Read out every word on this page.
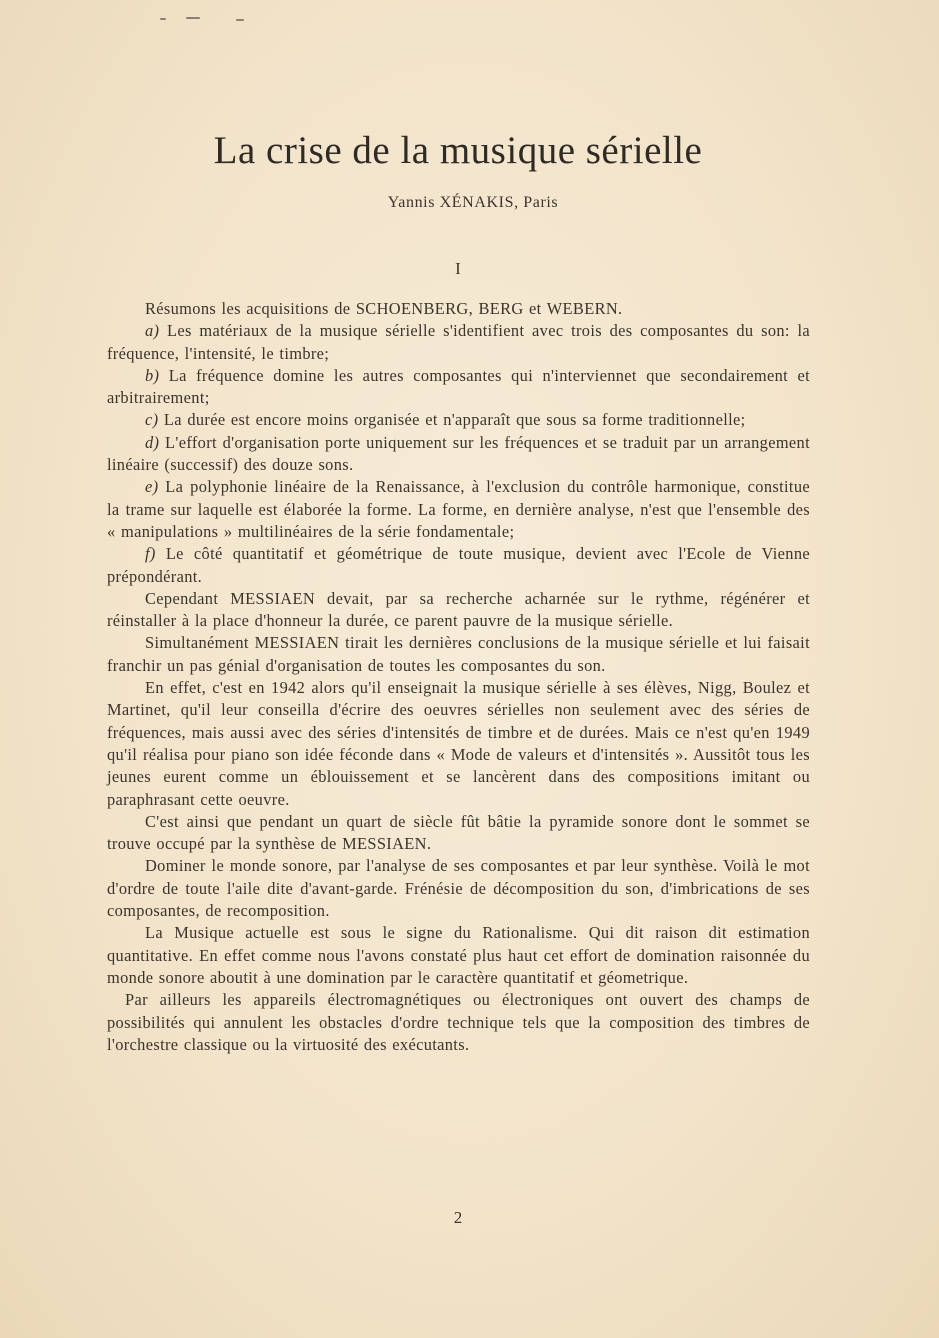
La crise de la musique sérielle
Yannis XÉNAKIS, Paris
I

Résumons les acquisitions de SCHOENBERG, BERG et WEBERN.

a) Les matériaux de la musique sérielle s'identifient avec trois des composantes du son: la fréquence, l'intensité, le timbre;

b) La fréquence domine les autres composantes qui n'interviennet que secondairement et arbitrairement;

c) La durée est encore moins organisée et n'apparaît que sous sa forme traditionnelle;

d) L'effort d'organisation porte uniquement sur les fréquences et se traduit par un arrangement linéaire (successif) des douze sons.

e) La polyphonie linéaire de la Renaissance, à l'exclusion du contrôle harmonique, constitue la trame sur laquelle est élaborée la forme. La forme, en dernière analyse, n'est que l'ensemble des « manipulations » multilinéaires de la série fondamentale;

f) Le côté quantitatif et géométrique de toute musique, devient avec l'Ecole de Vienne prépondérant.

Cependant MESSIAEN devait, par sa recherche acharnée sur le rythme, régénérer et réinstaller à la place d'honneur la durée, ce parent pauvre de la musique sérielle.

Simultanément MESSIAEN tirait les dernières conclusions de la musique sérielle et lui faisait franchir un pas génial d'organisation de toutes les composantes du son.

En effet, c'est en 1942 alors qu'il enseignait la musique sérielle à ses élèves, Nigg, Boulez et Martinet, qu'il leur conseilla d'écrire des oeuvres sérielles non seulement avec des séries de fréquences, mais aussi avec des séries d'intensités de timbre et de durées. Mais ce n'est qu'en 1949 qu'il réalisa pour piano son idée féconde dans « Mode de valeurs et d'intensités ». Aussitôt tous les jeunes eurent comme un éblouissement et se lancèrent dans des compositions imitant ou paraphrasant cette oeuvre.

C'est ainsi que pendant un quart de siècle fût bâtie la pyramide sonore dont le sommet se trouve occupé par la synthèse de MESSIAEN.

Dominer le monde sonore, par l'analyse de ses composantes et par leur synthèse. Voilà le mot d'ordre de toute l'aile dite d'avant-garde. Frénésie de décomposition du son, d'imbrications de ses composantes, de recomposition.

La Musique actuelle est sous le signe du Rationalisme. Qui dit raison dit estimation quantitative. En effet comme nous l'avons constaté plus haut cet effort de domination raisonnée du monde sonore aboutit à une domination par le caractère quantitatif et géometrique.

Par ailleurs les appareils électromagnétiques ou électroniques ont ouvert des champs de possibilités qui annulent les obstacles d'ordre technique tels que la composition des timbres de l'orchestre classique ou la virtuosité des exécutants.

2
